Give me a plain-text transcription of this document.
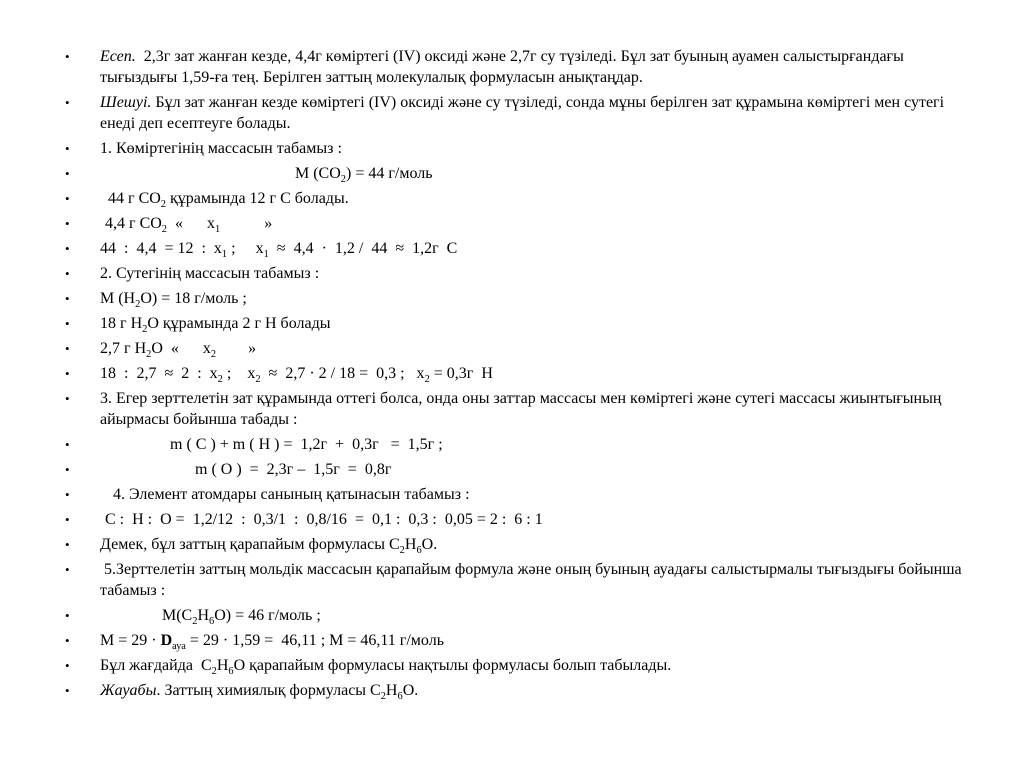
•	Есеп.  2,3г зат жанған кезде, 4,4г көміртегі (IV) оксиді және 2,7г су түзіледі. Бұл зат буының ауамен салыстырғандағы тығыздығы 1,59-ға тең. Берілген заттың молекулалық формуласын анықтаңдар.
•	Шешуі. Бұл зат жанған кезде көміртегі (IV) оксиді және су түзіледі, сонда мұны берілген зат құрамына көміртегі мен сутегі енеді деп есептеуге болады.
•	1. Көміртегінің массасын табамыз :
•	М $(CO_2) = 44$ г/моль
•	44 г $CO_2$ құрамында 12 г С болады.
•	4,4 г $CO_2$  «      $x_1$           »
•	44  :  4,4  = 12  :  $x_1$ ;     $x_1 \approx 4,4 \cdot 1,2 / 44 \approx 1,2г$  С
•	2. Сутегінің массасын табамыз :
•	М $(H_2O) = 18$ г/моль ;
•	18 г $H_2O$ құрамында 2 г Н болады
•	2,7 г $H_2O$  «      $x_2$        »
•	18  :  2,7  ≈  2  :  $x_2$ ;    $x_2 \approx 2,7 \cdot 2 / 18 = 0,3$ ;   $x_2 = 0,3г$  Н
•	3. Егер зерттелетін зат құрамында оттегі болса, онда оны заттар массасы мен көміртегі және сутегі массасы жиынтығының айырмасы бойынша табады :
•	m ( C ) + m ( H ) =  1,2г  +  0,3г   =  1,5г ;
•	m ( O )  =  2,3г –  1,5г  =  0,8г
•	4. Элемент атомдары санының қатынасын табамыз :
•	С :  Н :  О =  1,2/12  :  0,3/1  :  0,8/16  =  0,1 :  0,3 :  0,05 = 2 :  6 : 1
•	Демек, бұл заттың қарапайым формуласы $C_2H_6O$.
•	5.Зерттелетін заттың мольдік массасын қарапайым формула және оның буының ауадағы салыстырмалы тығыздығы бойынша табамыз :
•	$М(C_2H_6O) = 46$ г/моль ;
•	$M = 29 \cdot D_{ауа} = 29 \cdot 1,59 = 46,11$ ; М = 46,11 г/моль
•	Бұл жағдайда  $C_2H_6O$ қарапайым формуласы нақтылы формуласы болып табылады.
•	Жауабы. Заттың химиялық формуласы $C_2H_6O$.
